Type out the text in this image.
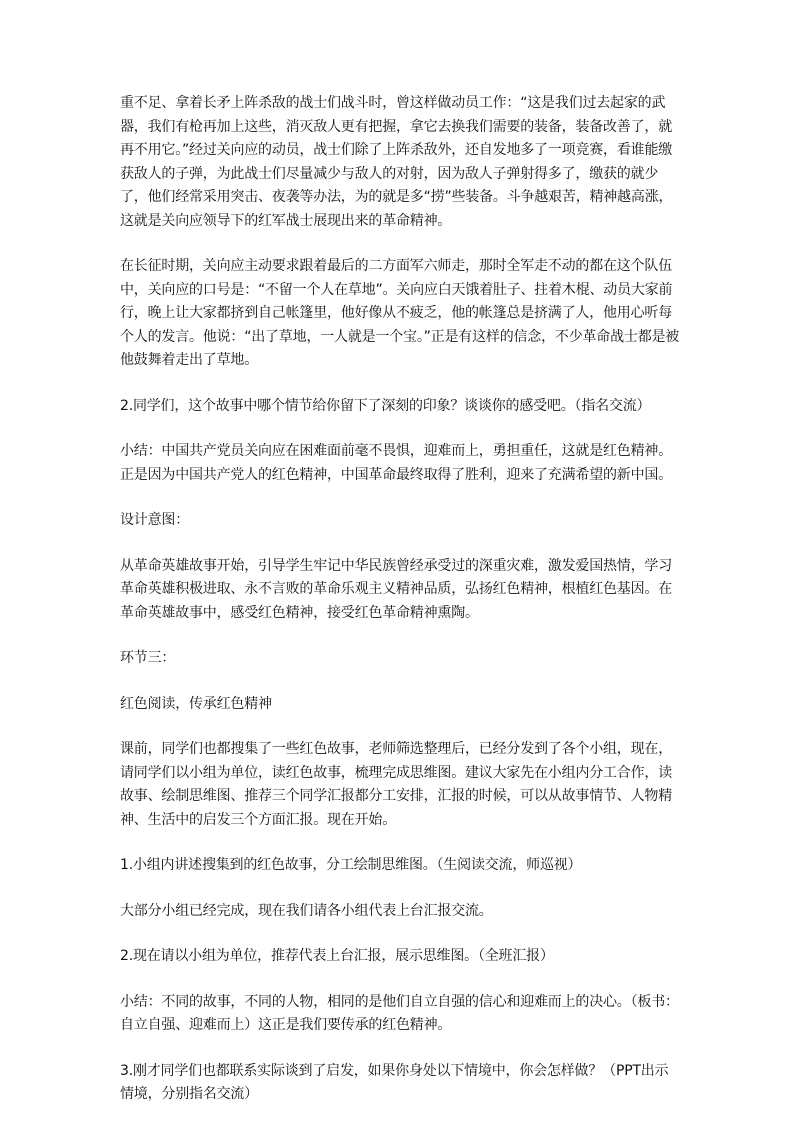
重不足、拿着长矛上阵杀敌的战士们战斗时，曾这样做动员工作：“这是我们过去起家的武器，我们有枪再加上这些，消灭敌人更有把握，拿它去换我们需要的装备，装备改善了，就再不用它。”经过关向应的动员，战士们除了上阵杀敌外，还自发地多了一项竞赛，看谁能缴获敌人的子弹，为此战士们尽量减少与敌人的对射，因为敌人子弹射得多了，缴获的就少了，他们经常采用突击、夜袭等办法，为的就是多“捞”些装备。斗争越艰苦，精神越高涨，这就是关向应领导下的红军战士展现出来的革命精神。

在长征时期，关向应主动要求跟着最后的二方面军六师走，那时全军走不动的都在这个队伍中，关向应的口号是：“不留一个人在草地”。关向应白天饿着肚子、拄着木棍、动员大家前行，晚上让大家都挤到自己帐篷里，他好像从不疲乏，他的帐篷总是挤满了人，他用心听每个人的发言。他说：“出了草地，一人就是一个宝。”正是有这样的信念，不少革命战士都是被他鼓舞着走出了草地。

2.同学们，这个故事中哪个情节给你留下了深刻的印象？谈谈你的感受吧。（指名交流）

小结：中国共产党员关向应在困难面前毫不畏惧，迎难而上，勇担重任，这就是红色精神。正是因为中国共产党人的红色精神，中国革命最终取得了胜利，迎来了充满希望的新中国。

设计意图：

从革命英雄故事开始，引导学生牢记中华民族曾经承受过的深重灾难，激发爱国热情，学习革命英雄积极进取、永不言败的革命乐观主义精神品质，弘扬红色精神，根植红色基因。在革命英雄故事中，感受红色精神，接受红色革命精神熏陶。

环节三：

红色阅读，传承红色精神

课前，同学们也都搜集了一些红色故事，老师筛选整理后，已经分发到了各个小组，现在，请同学们以小组为单位，读红色故事，梳理完成思维图。建议大家先在小组内分工合作，读故事、绘制思维图、推荐三个同学汇报都分工安排，汇报的时候，可以从故事情节、人物精神、生活中的启发三个方面汇报。现在开始。

1.小组内讲述搜集到的红色故事，分工绘制思维图。（生阅读交流，师巡视）

大部分小组已经完成，现在我们请各小组代表上台汇报交流。

2.现在请以小组为单位，推荐代表上台汇报，展示思维图。（全班汇报）

小结：不同的故事，不同的人物，相同的是他们自立自强的信心和迎难而上的决心。（板书：自立自强、迎难而上）这正是我们要传承的红色精神。

3.刚才同学们也都联系实际谈到了启发，如果你身处以下情境中，你会怎样做？（PPT出示情境，分别指名交流）
